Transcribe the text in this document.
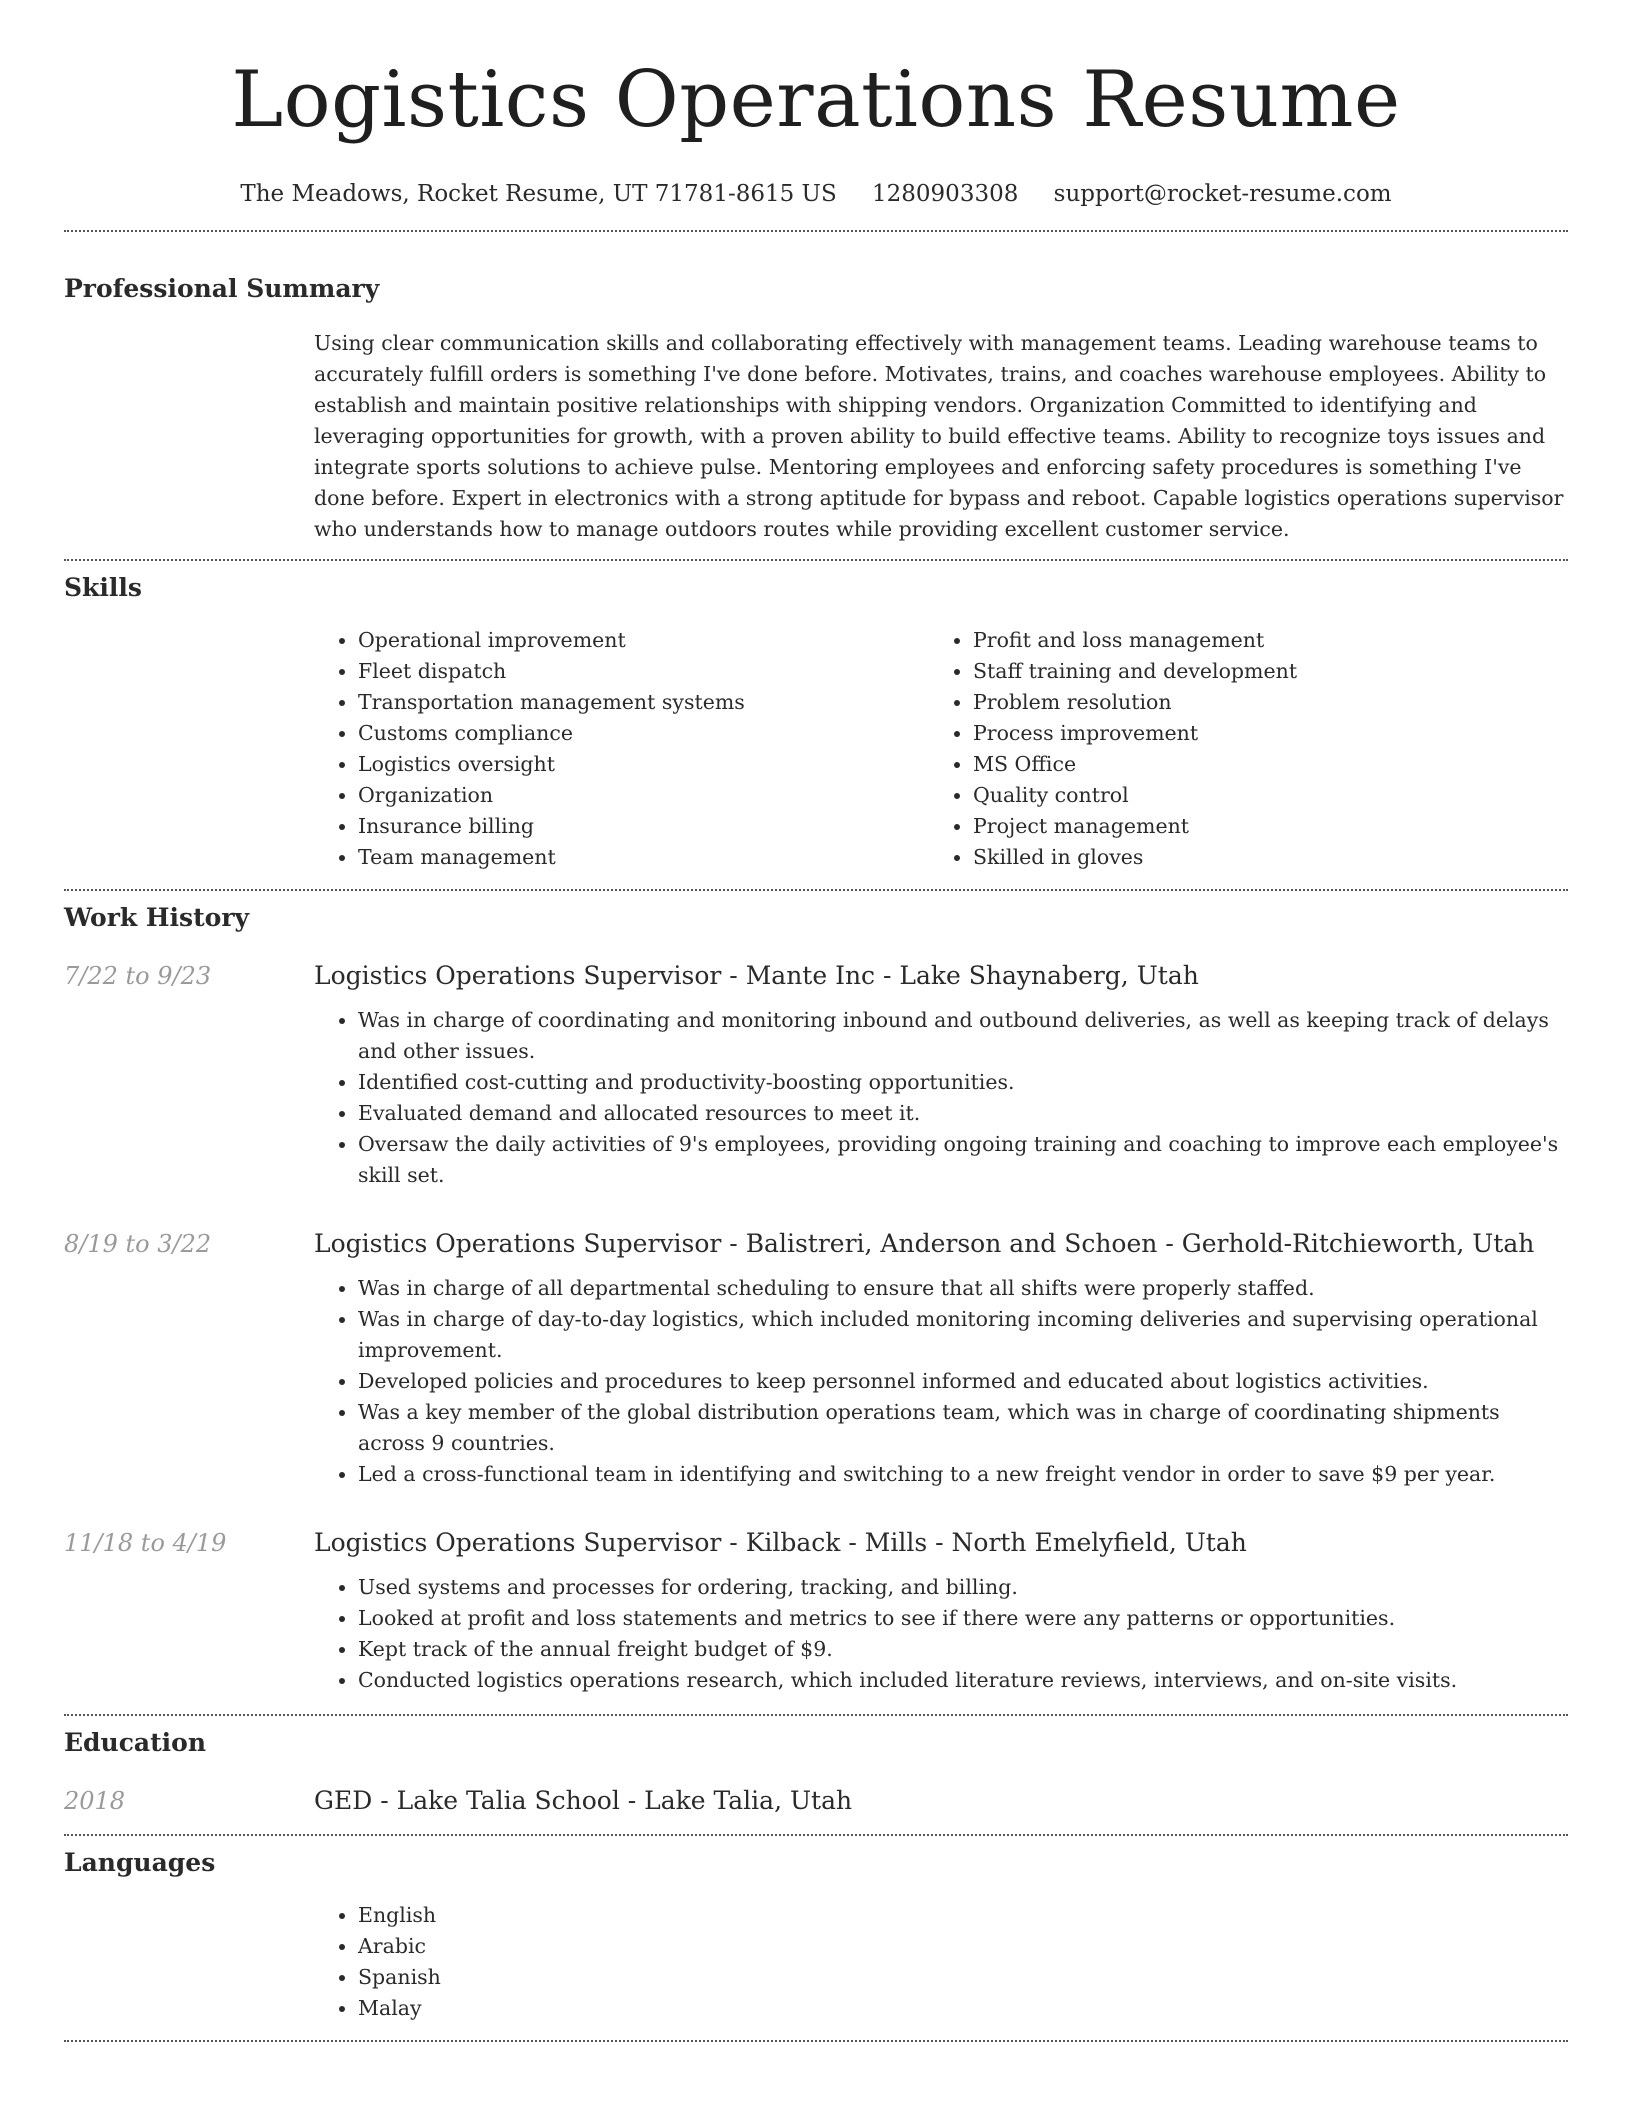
Logistics Operations Resume
The Meadows, Rocket Resume, UT 71781-8615 US 1280903308 support@rocket-resume.com
Professional Summary

Using clear communication skills and collaborating effectively with management teams. Leading warehouse teams to accurately fulfill orders is something I've done before. Motivates, trains, and coaches warehouse employees. Ability to establish and maintain positive relationships with shipping vendors. Organization Committed to identifying and leveraging opportunities for growth, with a proven ability to build effective teams. Ability to recognize toys issues and integrate sports solutions to achieve pulse. Mentoring employees and enforcing safety procedures is something I've done before. Expert in electronics with a strong aptitude for bypass and reboot. Capable logistics operations supervisor who understands how to manage outdoors routes while providing excellent customer service.

Skills
• Operational improvement
• Fleet dispatch
• Transportation management systems
• Customs compliance
• Logistics oversight
• Organization
• Insurance billing
• Team management
• Profit and loss management
• Staff training and development
• Problem resolution
• Process improvement
• MS Office
• Quality control
• Project management
• Skilled in gloves
Work History
7/22 to 9/23	Logistics Operations Supervisor - Mante Inc - Lake Shaynaberg, Utah
• Was in charge of coordinating and monitoring inbound and outbound deliveries, as well as keeping track of delays and other issues.
• Identified cost-cutting and productivity-boosting opportunities.
• Evaluated demand and allocated resources to meet it.
• Oversaw the daily activities of 9's employees, providing ongoing training and coaching to improve each employee's skill set.
8/19 to 3/22	Logistics Operations Supervisor - Balistreri, Anderson and Schoen - Gerhold-Ritchieworth, Utah
• Was in charge of all departmental scheduling to ensure that all shifts were properly staffed.
• Was in charge of day-to-day logistics, which included monitoring incoming deliveries and supervising operational improvement.
• Developed policies and procedures to keep personnel informed and educated about logistics activities.
• Was a key member of the global distribution operations team, which was in charge of coordinating shipments across 9 countries.
• Led a cross-functional team in identifying and switching to a new freight vendor in order to save $9 per year.
11/18 to 4/19	Logistics Operations Supervisor - Kilback - Mills - North Emelyfield, Utah
• Used systems and processes for ordering, tracking, and billing.
• Looked at profit and loss statements and metrics to see if there were any patterns or opportunities.
• Kept track of the annual freight budget of $9.
• Conducted logistics operations research, which included literature reviews, interviews, and on-site visits.
Education
2018	GED - Lake Talia School - Lake Talia, Utah
Languages
• English
• Arabic
• Spanish
• Malay
